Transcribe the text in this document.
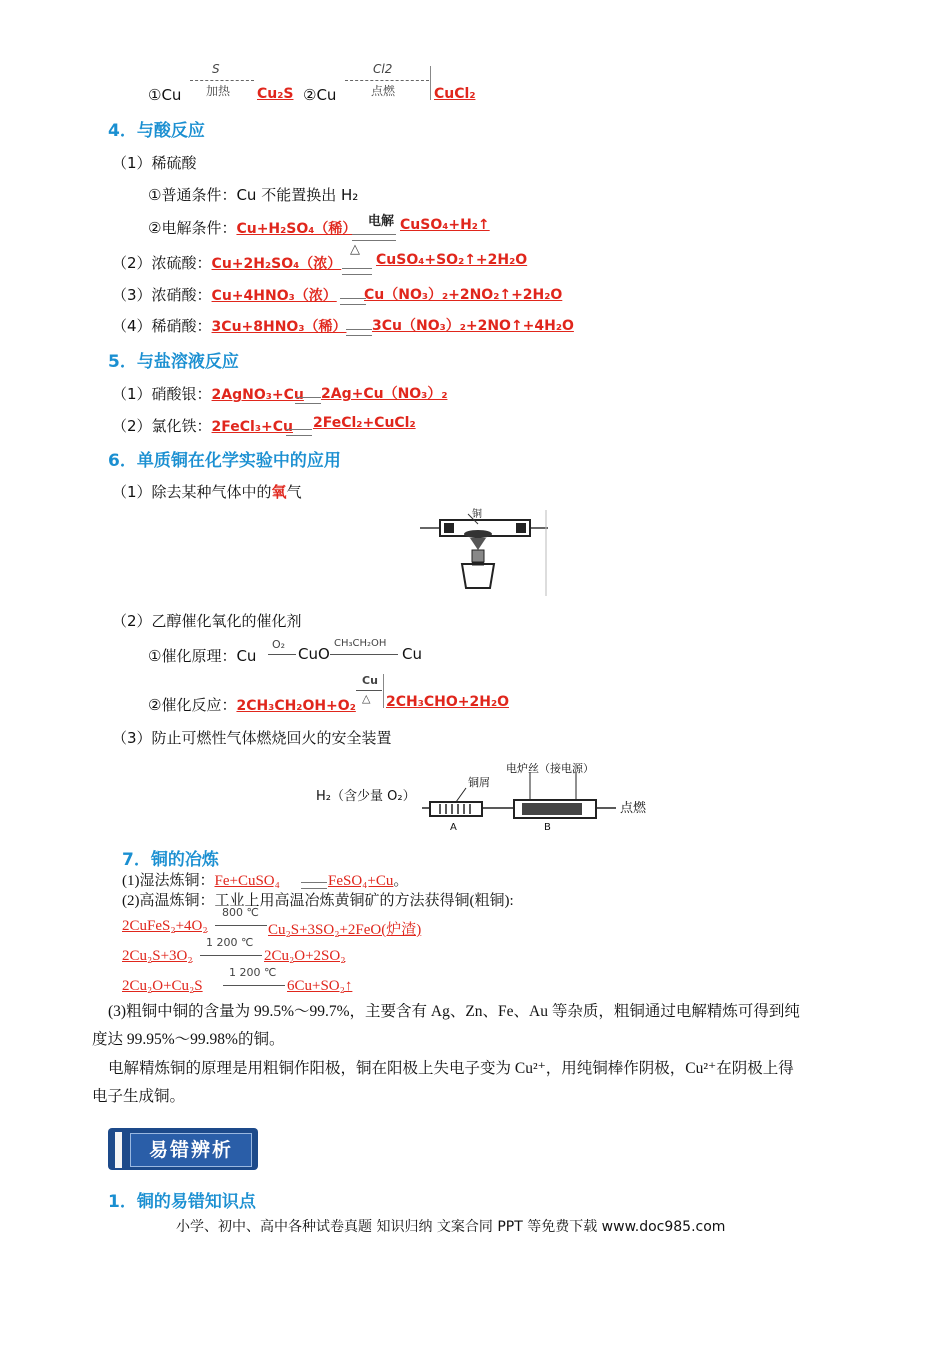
①Cu
S
加热 Cu₂S ②Cu
Cl2
点燃	CuCl₂
4．与酸反应
（1）稀硫酸
①普通条件：Cu 不能置换出 H₂
②电解条件：Cu+H₂SO₄（稀） 电解 CuSO₄+H₂↑
（2）浓硫酸：Cu+2H₂SO₄（浓）
△
CuSO₄+SO₂↑+2H₂O
（3）浓硝酸：Cu+4HNO₃（浓） Cu（NO₃）₂+2NO₂↑+2H₂O
（4）稀硝酸：3Cu+8HNO₃（稀） 3Cu（NO₃）₂+2NO↑+4H₂O
5．与盐溶液反应
（1）硝酸银：2AgNO₃+Cu 2Ag+Cu（NO₃）₂
（2）氯化铁：2FeCl₃+Cu 2FeCl₂+CuCl₂
6．单质铜在化学实验中的应用
（1）除去某种气体中的氧气
铜
（2）乙醇催化氧化的催化剂
①催化原理：Cu
O₂
CuO
CH₃CH₂OH
Cu
②催化反应：2CH₃CH₂OH+O₂
Cu
△ 2CH₃CHO+2H₂O
（3）防止可燃性气体燃烧回火的安全装置
H₂（含少量 O₂）
铜屑
电炉丝（接电源）
点燃
A	B
7．铜的冶炼
(1)湿法炼铜：Fe+CuSO₄	FeSO₄+Cu。
(2)高温炼铜：工业上用高温冶炼黄铜矿的方法获得铜(粗铜):
2CuFeS₂+4O₂
800 ℃
Cu₂S+3SO₂+2FeO(炉渣)
2Cu₂S+3O₂
1 200 ℃
2Cu₂O+2SO₂
2Cu₂O+Cu₂S
1 200 ℃
6Cu+SO₂↑
(3)粗铜中铜的含量为 99.5%～99.7%，主要含有 Ag、Zn、Fe、Au 等杂质，粗铜通过电解精炼可得到纯
度达 99.95%～99.98%的铜。
电解精炼铜的原理是用粗铜作阳极，铜在阳极上失电子变为 Cu²⁺，用纯铜棒作阴极，Cu²⁺在阴极上得
电子生成铜。
易错辨析
1．铜的易错知识点
小学、初中、高中各种试卷真题 知识归纳 文案合同 PPT 等免费下载 www.doc985.com
